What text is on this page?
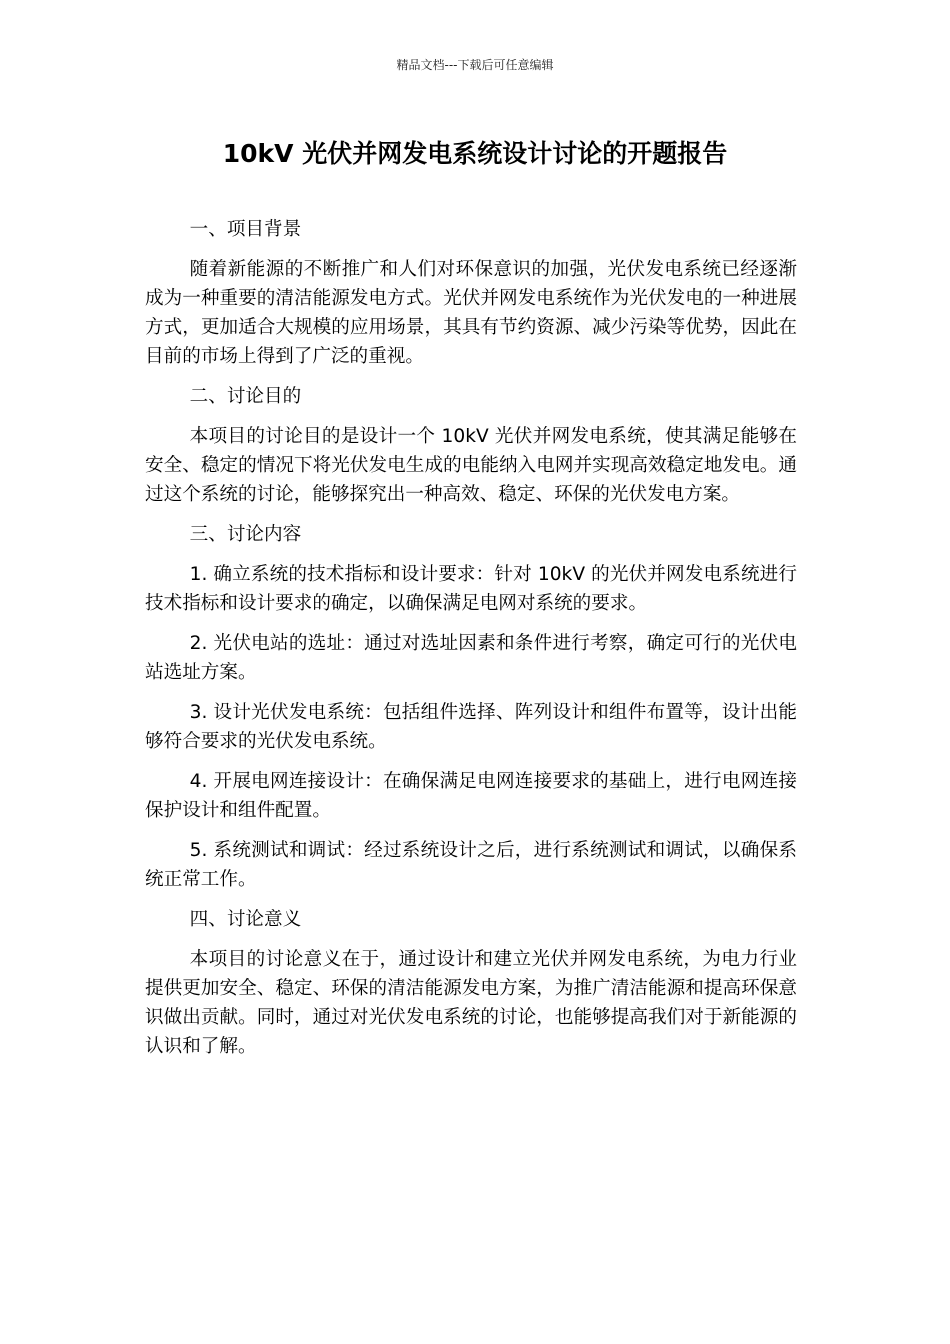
精品文档---下载后可任意编辑
10kV 光伏并网发电系统设计讨论的开题报告

一、项目背景

随着新能源的不断推广和人们对环保意识的加强，光伏发电系统已经逐渐成为一种重要的清洁能源发电方式。光伏并网发电系统作为光伏发电的一种进展方式，更加适合大规模的应用场景，其具有节约资源、减少污染等优势，因此在目前的市场上得到了广泛的重视。

二、讨论目的

本项目的讨论目的是设计一个 10kV 光伏并网发电系统，使其满足能够在安全、稳定的情况下将光伏发电生成的电能纳入电网并实现高效稳定地发电。通过这个系统的讨论，能够探究出一种高效、稳定、环保的光伏发电方案。

三、讨论内容

1. 确立系统的技术指标和设计要求：针对 10kV 的光伏并网发电系统进行技术指标和设计要求的确定，以确保满足电网对系统的要求。

2. 光伏电站的选址：通过对选址因素和条件进行考察，确定可行的光伏电站选址方案。

3. 设计光伏发电系统：包括组件选择、阵列设计和组件布置等，设计出能够符合要求的光伏发电系统。

4. 开展电网连接设计：在确保满足电网连接要求的基础上，进行电网连接保护设计和组件配置。

5. 系统测试和调试：经过系统设计之后，进行系统测试和调试，以确保系统正常工作。

四、讨论意义

本项目的讨论意义在于，通过设计和建立光伏并网发电系统，为电力行业提供更加安全、稳定、环保的清洁能源发电方案，为推广清洁能源和提高环保意识做出贡献。同时，通过对光伏发电系统的讨论，也能够提高我们对于新能源的认识和了解。
